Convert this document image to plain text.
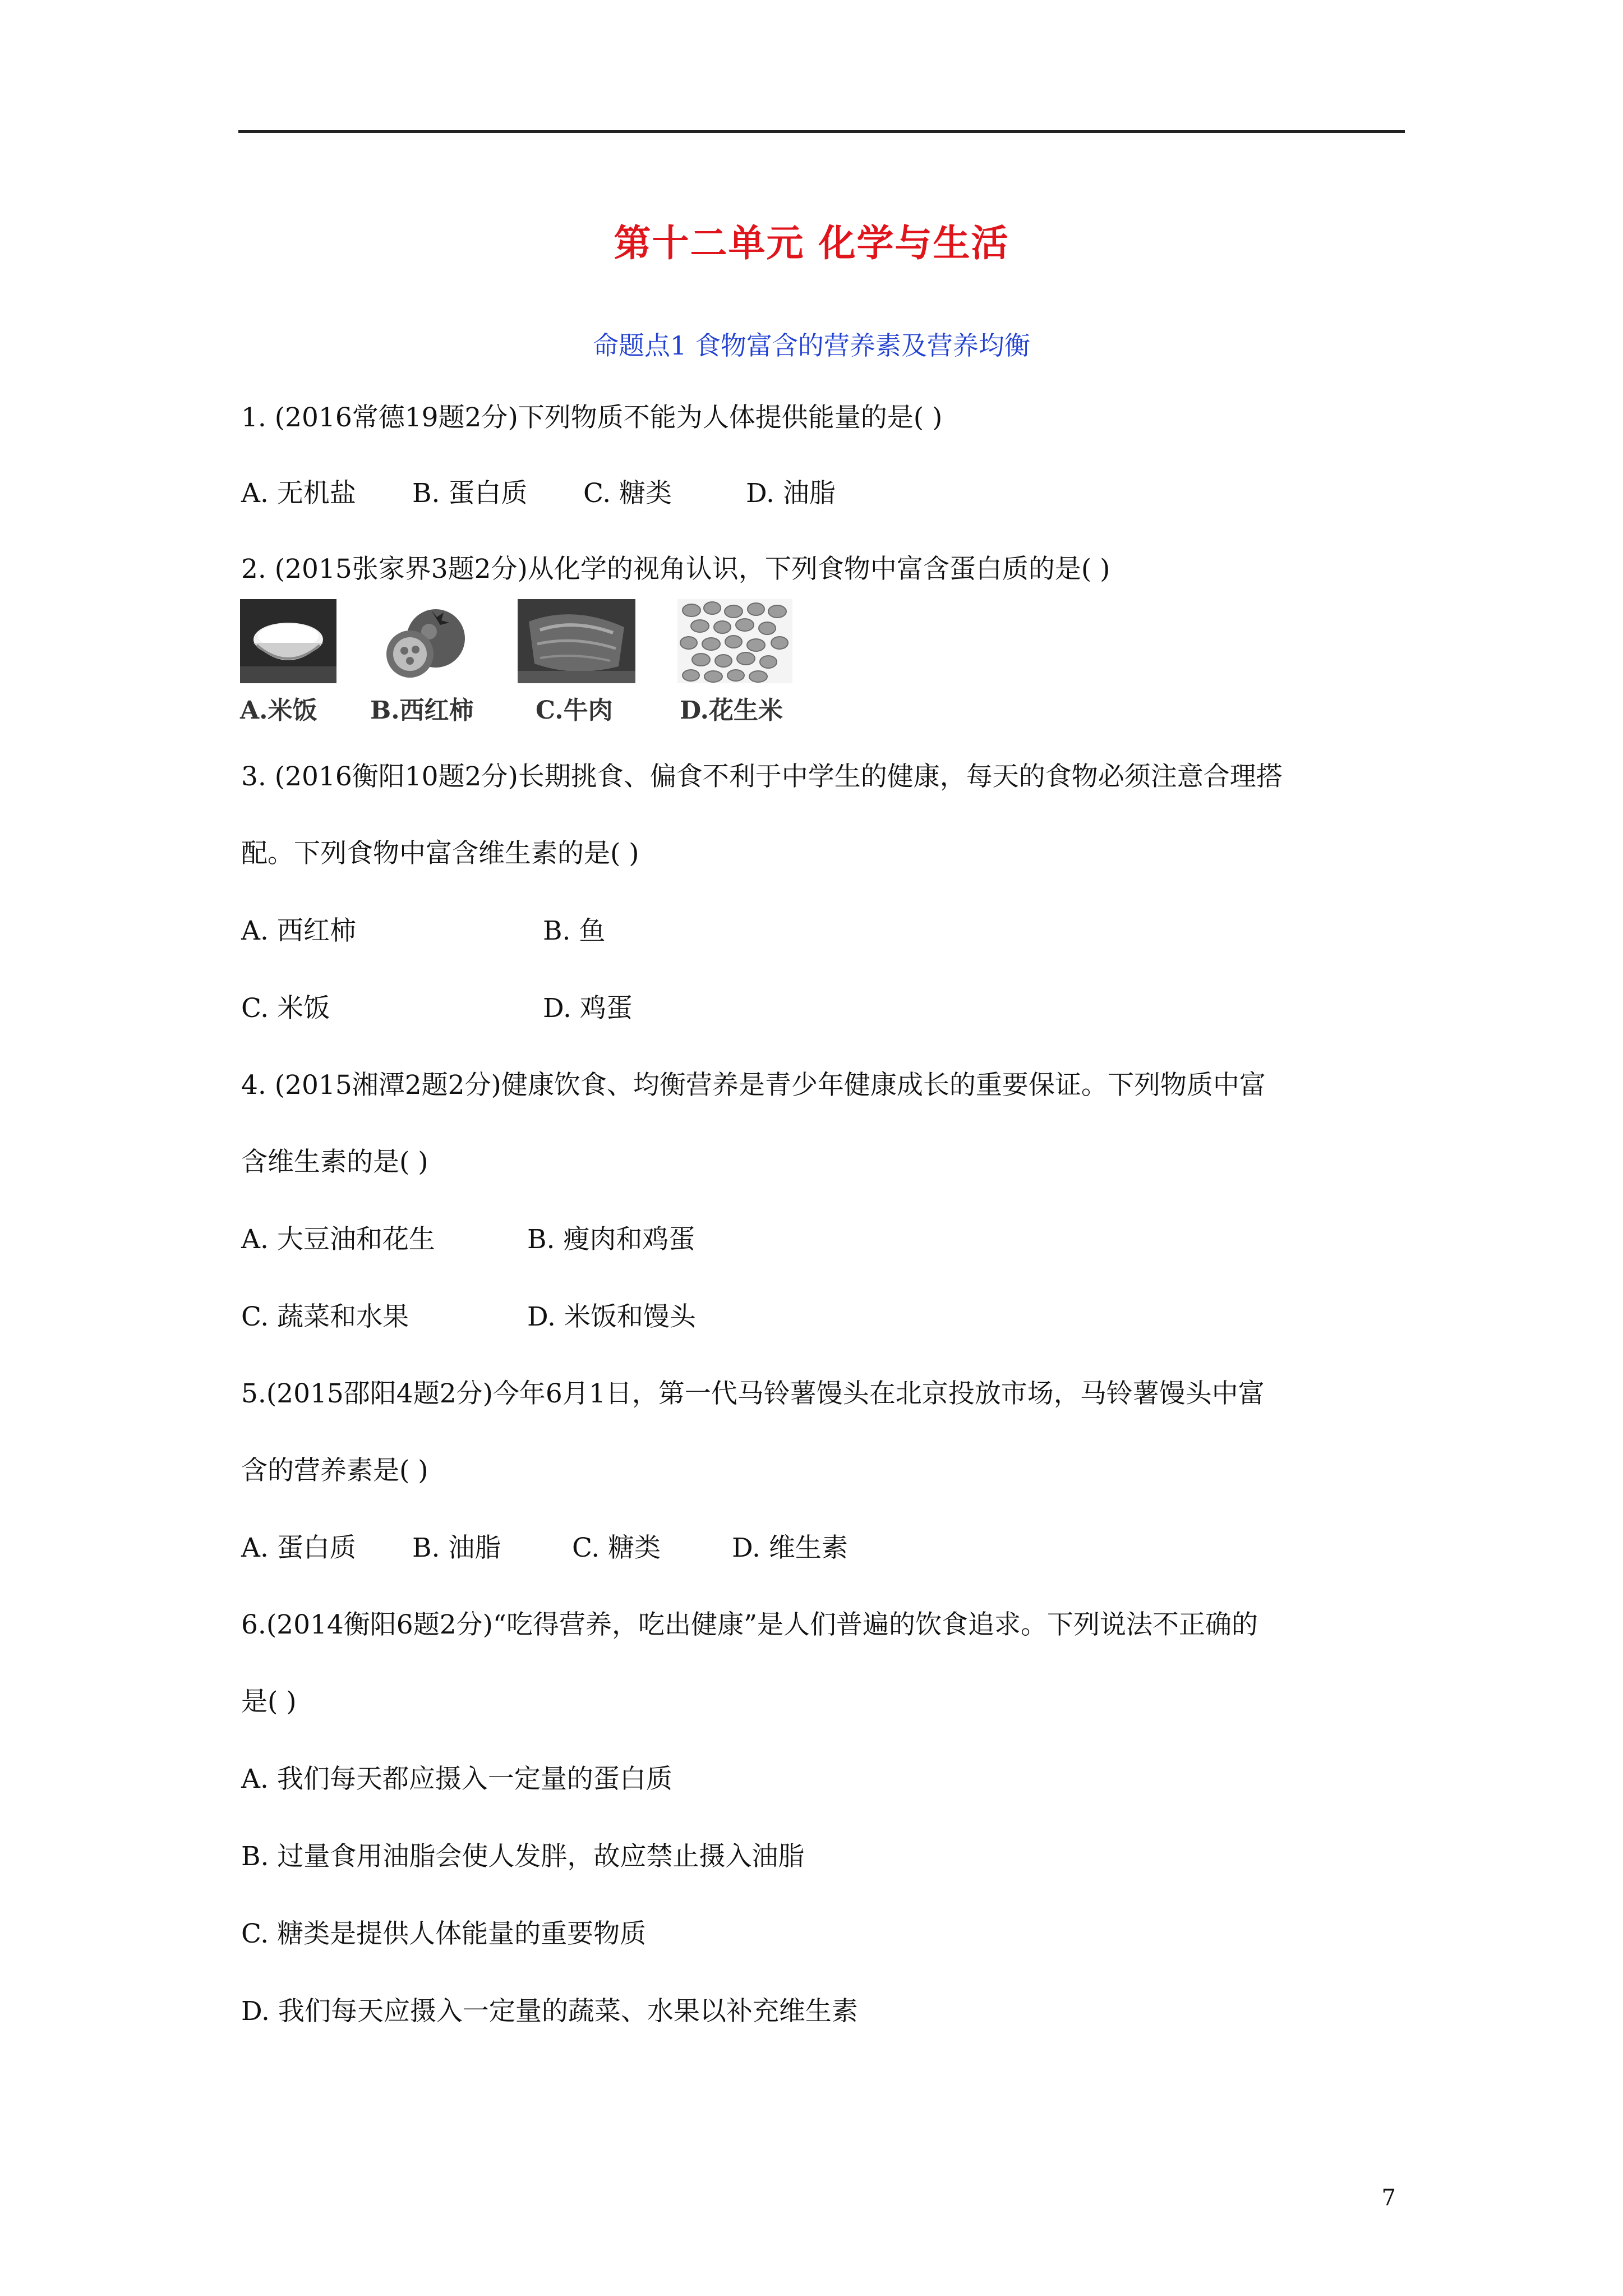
第十二单元 化学与生活
命题点1 食物富含的营养素及营养均衡
1. (2016常德19题2分)下列物质不能为人体提供能量的是( )
A. 无机盐 B. 蛋白质 C. 糖类	D. 油脂
2. (2015张家界3题2分)从化学的视角认识，下列食物中富含蛋白质的是( )
A.米饭 B.西红柿	C.牛肉	D.花生米
3. (2016衡阳10题2分)长期挑食、偏食不利于中学生的健康，每天的食物必须注意合理搭
配。下列食物中富含维生素的是( )
A. 西红柿	B. 鱼
C. 米饭	D. 鸡蛋
4. (2015湘潭2题2分)健康饮食、均衡营养是青少年健康成长的重要保证。下列物质中富
含维生素的是( )
A. 大豆油和花生	B. 瘦肉和鸡蛋
C. 蔬菜和水果	D. 米饭和馒头
5.(2015邵阳4题2分)今年6月1日，第一代马铃薯馒头在北京投放市场，马铃薯馒头中富
含的营养素是( )
A. 蛋白质 B. 油脂	C. 糖类	D. 维生素
6.(2014衡阳6题2分)“吃得营养，吃出健康”是人们普遍的饮食追求。下列说法不正确的
是( )
A. 我们每天都应摄入一定量的蛋白质
B. 过量食用油脂会使人发胖，故应禁止摄入油脂
C. 糖类是提供人体能量的重要物质
D. 我们每天应摄入一定量的蔬菜、水果以补充维生素
7
